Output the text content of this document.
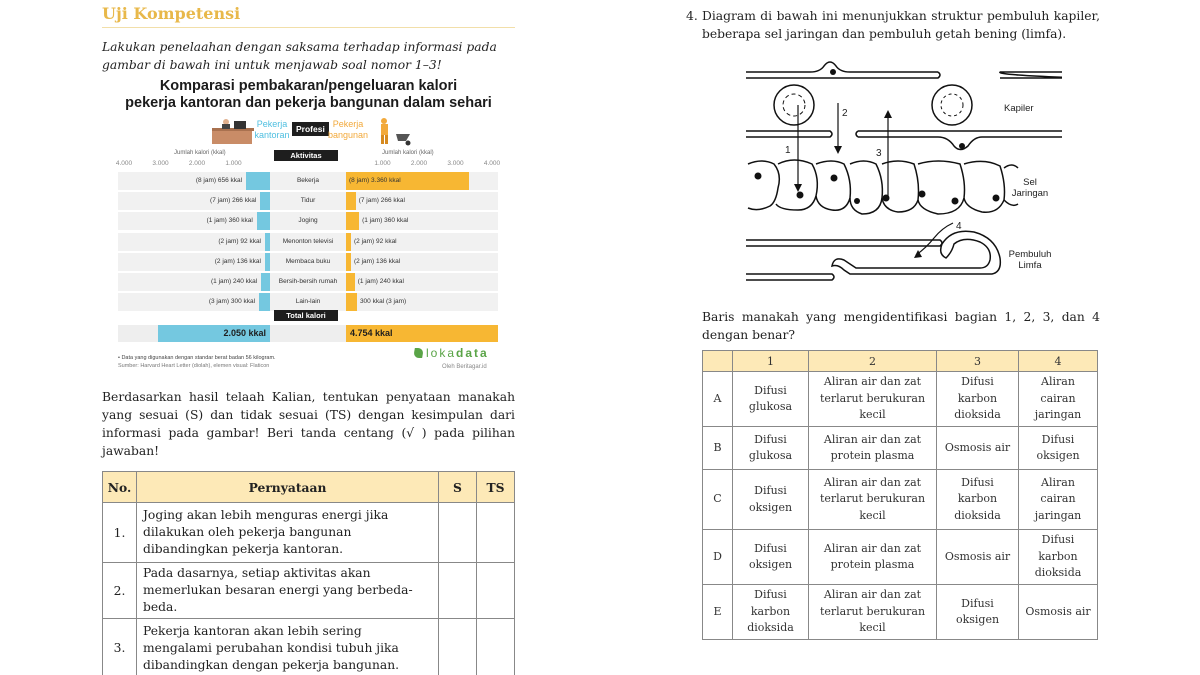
Uji Kompetensi

Lakukan penelaahan dengan saksama terhadap informasi pada gambar di bawah ini untuk menjawab soal nomor 1–3!

Komparasi pembakaran/pengeluaran kalori
pekerja kantoran dan pekerja bangunan dalam sehari
Pekerja
kantoran
Profesi Pekerja
bangunan
Jumlah kalori (kkal)	Aktivitas	Jumlah kalori (kkal)
1.000	1.000
2.000	2.000
3.000	3.000
4.000	4.000
(8 jam) 656 kkal	(8 jam) 3.360 kkal
Bekerja
(7 jam) 266 kkal	(7 jam) 266 kkal
Tidur
(1 jam) 360 kkal	(1 jam) 360 kkal
Joging
(2 jam) 92 kkal	(2 jam) 92 kkal
Menonton televisi
(2 jam) 136 kkal	(2 jam) 136 kkal
Membaca buku
(1 jam) 240 kkal	(1 jam) 240 kkal
Bersih-bersih rumah
(3 jam) 300 kkal	300 kkal (3 jam)
Lain-lain
Total kalori
2.050 kkal	4.754 kkal
• Data yang digunakan dengan standar berat badan 56 kilogram.
Sumber: Harvard Heart Letter (diolah), elemen visual: Flaticon
lokadata
Oleh Beritagar.id

Berdasarkan hasil telaah Kalian, tentukan penyataan manakah yang sesuai (S) dan tidak sesuai (TS) dengan kesimpulan dari informasi pada gambar! Beri tanda centang (√ ) pada pilihan jawaban!

No.	Pernyataan	S	TS
1.	Joging akan lebih menguras energi jika dilakukan oleh pekerja bangunan dibandingkan pekerja kantoran.		
2.	Pada dasarnya, setiap aktivitas akan memerlukan besaran energi yang berbeda-beda.		
3.	Pekerja kantoran akan lebih sering mengalami perubahan kondisi tubuh jika dibandingkan dengan pekerja bangunan.		
4. Diagram di bawah ini menunjukkan struktur pembuluh kapiler, beberapa sel jaringan dan pembuluh getah bening (limfa).
1
2
3
4
Kapiler
Sel
Jaringan
Pembuluh
Limfa

Baris manakah yang mengidentifikasi bagian 1, 2, 3, dan 4 dengan benar?

	1	2	3	4
A	Difusi glukosa	Aliran air dan zat terlarut berukuran kecil	Difusi karbon dioksida	Aliran cairan jaringan
B	Difusi glukosa	Aliran air dan zat protein plasma	Osmosis air	Difusi oksigen
C	Difusi oksigen	Aliran air dan zat terlarut berukuran kecil	Difusi karbon dioksida	Aliran cairan jaringan
D	Difusi oksigen	Aliran air dan zat protein plasma	Osmosis air	Difusi karbon dioksida
E	Difusi karbon dioksida	Aliran air dan zat terlarut berukuran kecil	Difusi oksigen	Osmosis air
